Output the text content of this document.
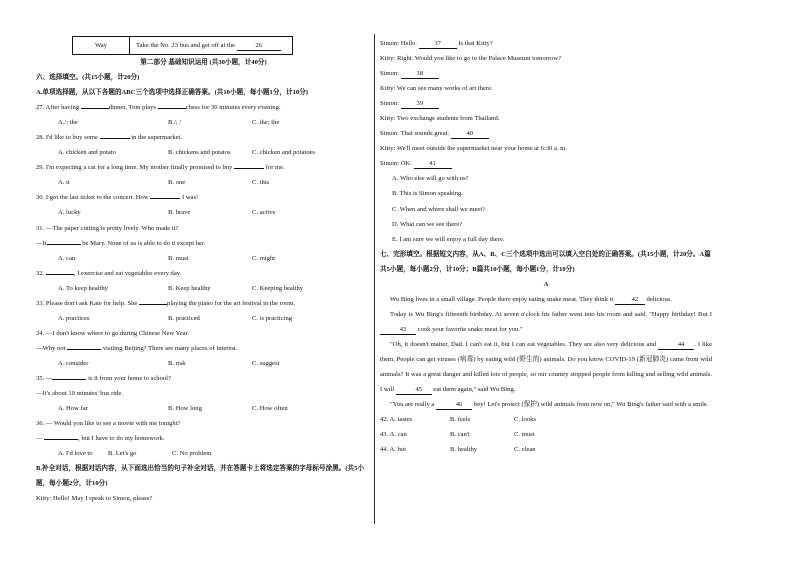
Way	Take the No. 23 bus and get off at the	26
第二部分 基础知识运用 (共30小题，计40分)
六、选择填空。(共15小题，计20分)
A.单项选择题，从以下各题的ABC三个选项中选择正确答案。(共10小题，每小题1分，计10分)
27. After having	dinner, Tom plays	chess for 30 minutes every evening.
A./; the	B./; /	C. the; the
28. I'd like to buy some	in the supermarket.
A. chicken and potato	B. chickens and potatos	C. chicken and potatoes
29. I'm expecting a cat for a long time. My mother finally promised to buy	for me.
A. it	B. one	C. this
30. I got the last ticket to the concert. How	I was!
A. lucky	B. brave	C. active
31. —The paper cutting is pretty lively. Who made it?
—It	be Mary. None of us is able to do it except her.
A. can	B. must	C. might
32.	, I exercise and eat vegetables every day.
A. To keep healthy	B. Keep healthy	C. Keeping healthy
33. Please don't ask Kate for help. She	playing the piano for the art festival in the room.
A. practices	B. practiced	C. is practicing
34. —I don't know where to go during Chinese New Year.
—Why not	visiting Beijing? There are many places of interest.
A. consider	B. risk	C. suggest
35. —	is it from your home to school?
—It's about 10 minutes' bus ride.
A. How far	B. How long	C. How often
36. — Would you like to see a movie with me tonight?
—	, but I have to do my homework.
A. I'd love to	B. Let's go	C. No problem
B.补全对话，根据对话内容，从下面选出恰当的句子补全对话，并在答题卡上将选定答案的字母标号涂黑。(共5小题，每小题2分，计10分)
Kitty: Hello! May I speak to Simon, please?
Simon: Hello.	37	Is that Kitty?
Kitty: Right. Would you like to go to the Palace Museum tomorrow?
Simon:	38
Kitty: We can see many works of art there.
Simon:	39
Kitty: Two exchange students from Thailand.
Simon: That sounds great.	40
Kitty: We'll meet outside the supermarket near your home at 6:30 a. m.
Simon: OK.	41
A. Who else will go with us?
B. This is Simon speaking.
C. When and where shall we meet?
D. What can we see there?
E. I am sure we will enjoy a full day there.
七、完形填空。根据短文内容，从A、B、C三个选项中选出可以填入空白处的正确答案。(共15小题，计20分。A篇共5小题，每小题2分，计10分；B篇共10小题，每小题1分，计10分)
A
Wu Bing lives in a small village. People there enjoy eating snake meat. They think it	42 delicious.
Today is Wu Bing's fifteenth birthday. At seven o'clock his father went into his room and said, "Happy birthday! But I 43 cook your favorite snake meat for you."
"Oh, it doesn't matter, Dad. I can't eat it, but I can eat vegetables. They are also very delicious and	44 . I like them. People can get viruses (病毒) by eating wild (野生的) animals. Do you know COVID-19 (新冠肺炎) came from wild animals? It was a great danger and killed lots of people, so our country stopped people from killing and selling wild animals. I will	45 eat them again," said Wu Bing.
"You are really a	46 boy! Let's protect (保护) wild animals from now on," Wu Bing's father said with a smile.
42. A. tastes	B. feels	C. looks
43. A. can	B. can't	C. must
44. A. hot	B. healthy	C. clean
